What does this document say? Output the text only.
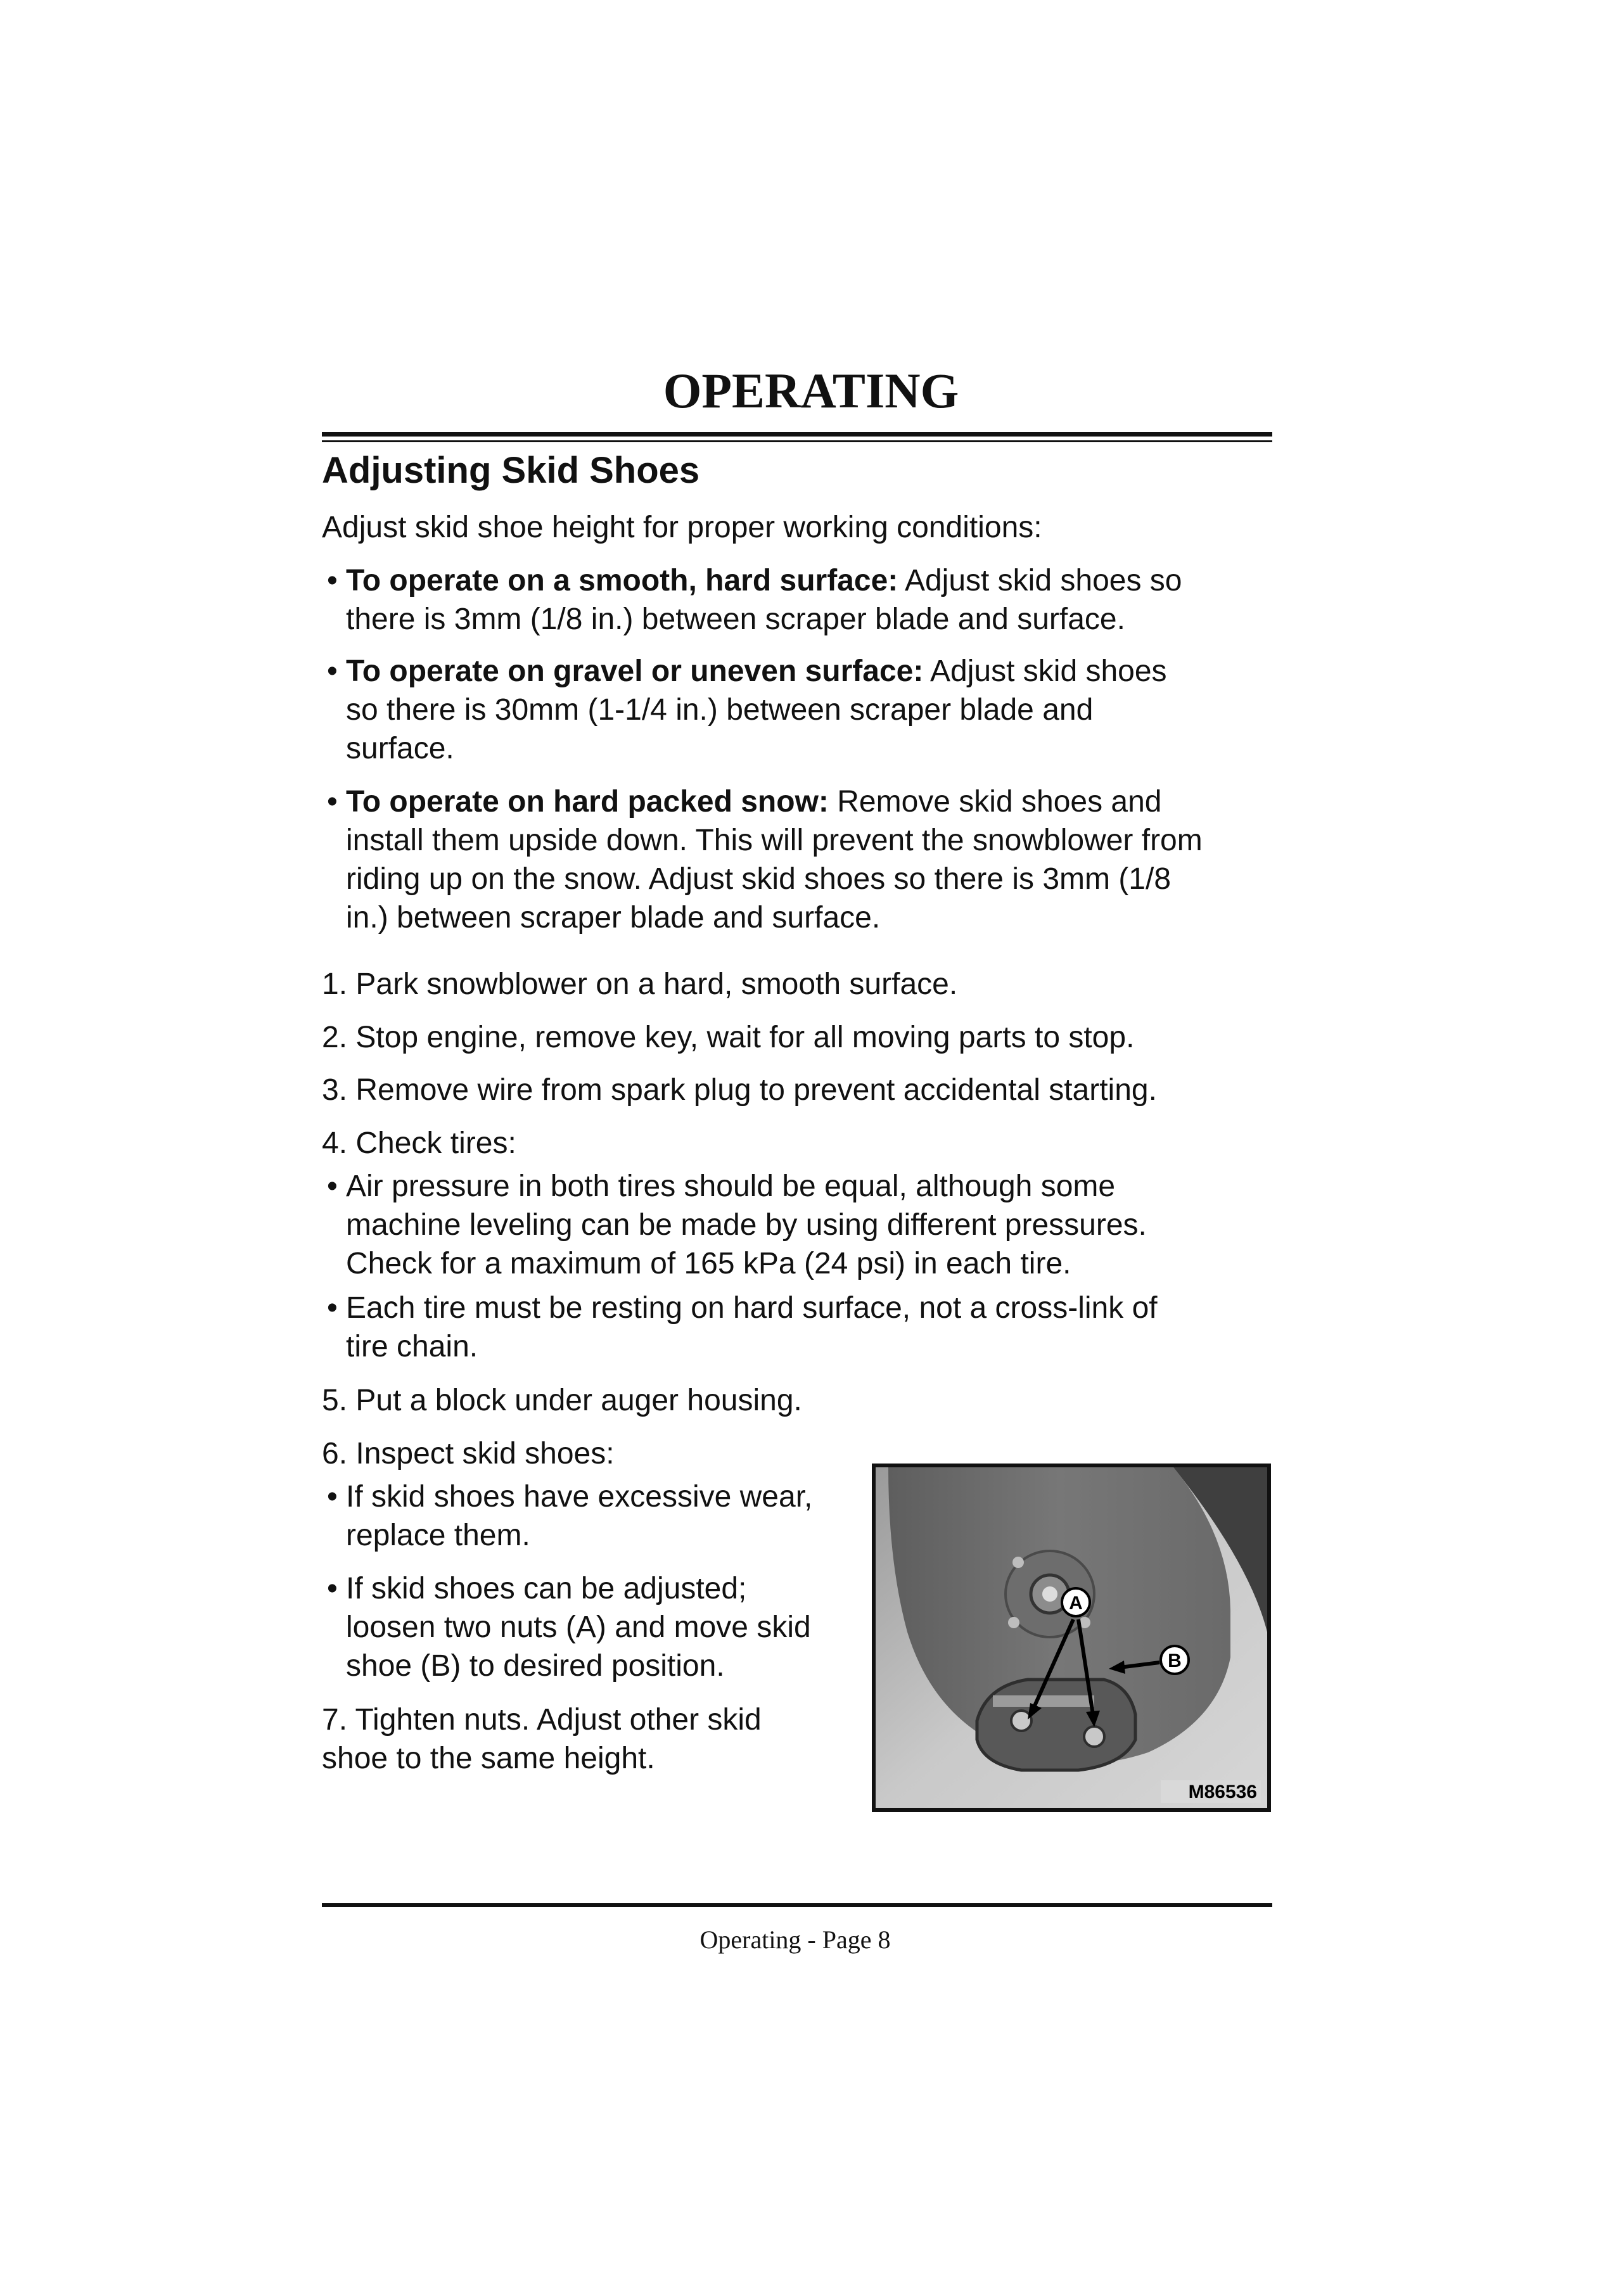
OPERATING
Adjusting Skid Shoes

Adjust skid shoe height for proper working conditions:

• To operate on a smooth, hard surface: Adjust skid shoes so

there is 3mm (1/8 in.) between scraper blade and surface.

• To operate on gravel or uneven surface: Adjust skid shoes

so there is 30mm (1-1/4 in.) between scraper blade and

surface.

• To operate on hard packed snow: Remove skid shoes and

install them upside down. This will prevent the snowblower from

riding up on the snow. Adjust skid shoes so there is 3mm (1/8

in.) between scraper blade and surface.

1. Park snowblower on a hard, smooth surface.

2. Stop engine, remove key, wait for all moving parts to stop.

3. Remove wire from spark plug to prevent accidental starting.

4. Check tires:

• Air pressure in both tires should be equal, although some

machine leveling can be made by using different pressures.

Check for a maximum of 165 kPa (24 psi) in each tire.

• Each tire must be resting on hard surface, not a cross-link of

tire chain.

5. Put a block under auger housing.

6. Inspect skid shoes:

• If skid shoes have excessive wear,

replace them.

• If skid shoes can be adjusted;

loosen two nuts (A) and move skid

shoe (B) to desired position.

7. Tighten nuts. Adjust other skid

shoe to the same height.

A
B
M86536

Operating - Page 8
